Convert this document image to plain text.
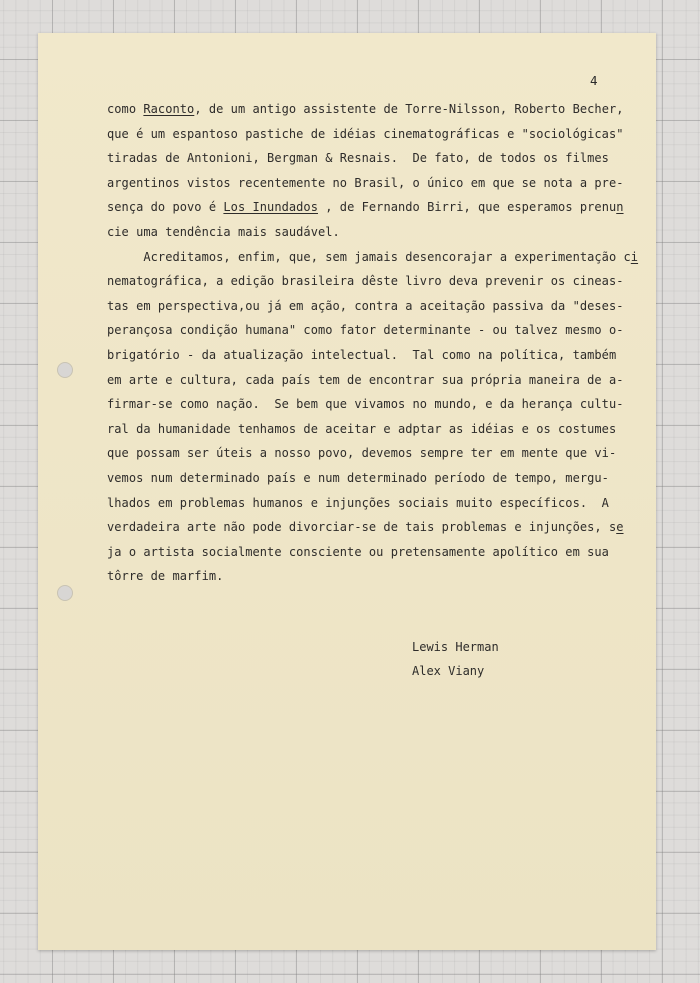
4
como Raconto, de um antigo assistente de Torre-Nilsson, Roberto Becher,
que é um espantoso pastiche de idéias cinematográficas e "sociológicas"
tiradas de Antonioni, Bergman & Resnais.  De fato, de todos os filmes
argentinos vistos recentemente no Brasil, o único em que se nota a pre-
sença do povo é Los Inundados , de Fernando Birri, que esperamos prenun
cie uma tendência mais saudável.
Acreditamos, enfim, que, sem jamais desencorajar a experimentação ci
nematográfica, a edição brasileira dêste livro deva prevenir os cineas-
tas em perspectiva,ou já em ação, contra a aceitação passiva da "deses-
perançosa condição humana" como fator determinante - ou talvez mesmo o-
brigatório - da atualização intelectual.  Tal como na política, também
em arte e cultura, cada país tem de encontrar sua própria maneira de a-
firmar-se como nação.  Se bem que vivamos no mundo, e da herança cultu-
ral da humanidade tenhamos de aceitar e adptar as idéias e os costumes
que possam ser úteis a nosso povo, devemos sempre ter em mente que vi-
vemos num determinado país e num determinado período de tempo, mergu-
lhados em problemas humanos e injunções sociais muito específicos.  A
verdadeira arte não pode divorciar-se de tais problemas e injunções, se
ja o artista socialmente consciente ou pretensamente apolítico em sua
tôrre de marfim.
Lewis Herman
Alex Viany
